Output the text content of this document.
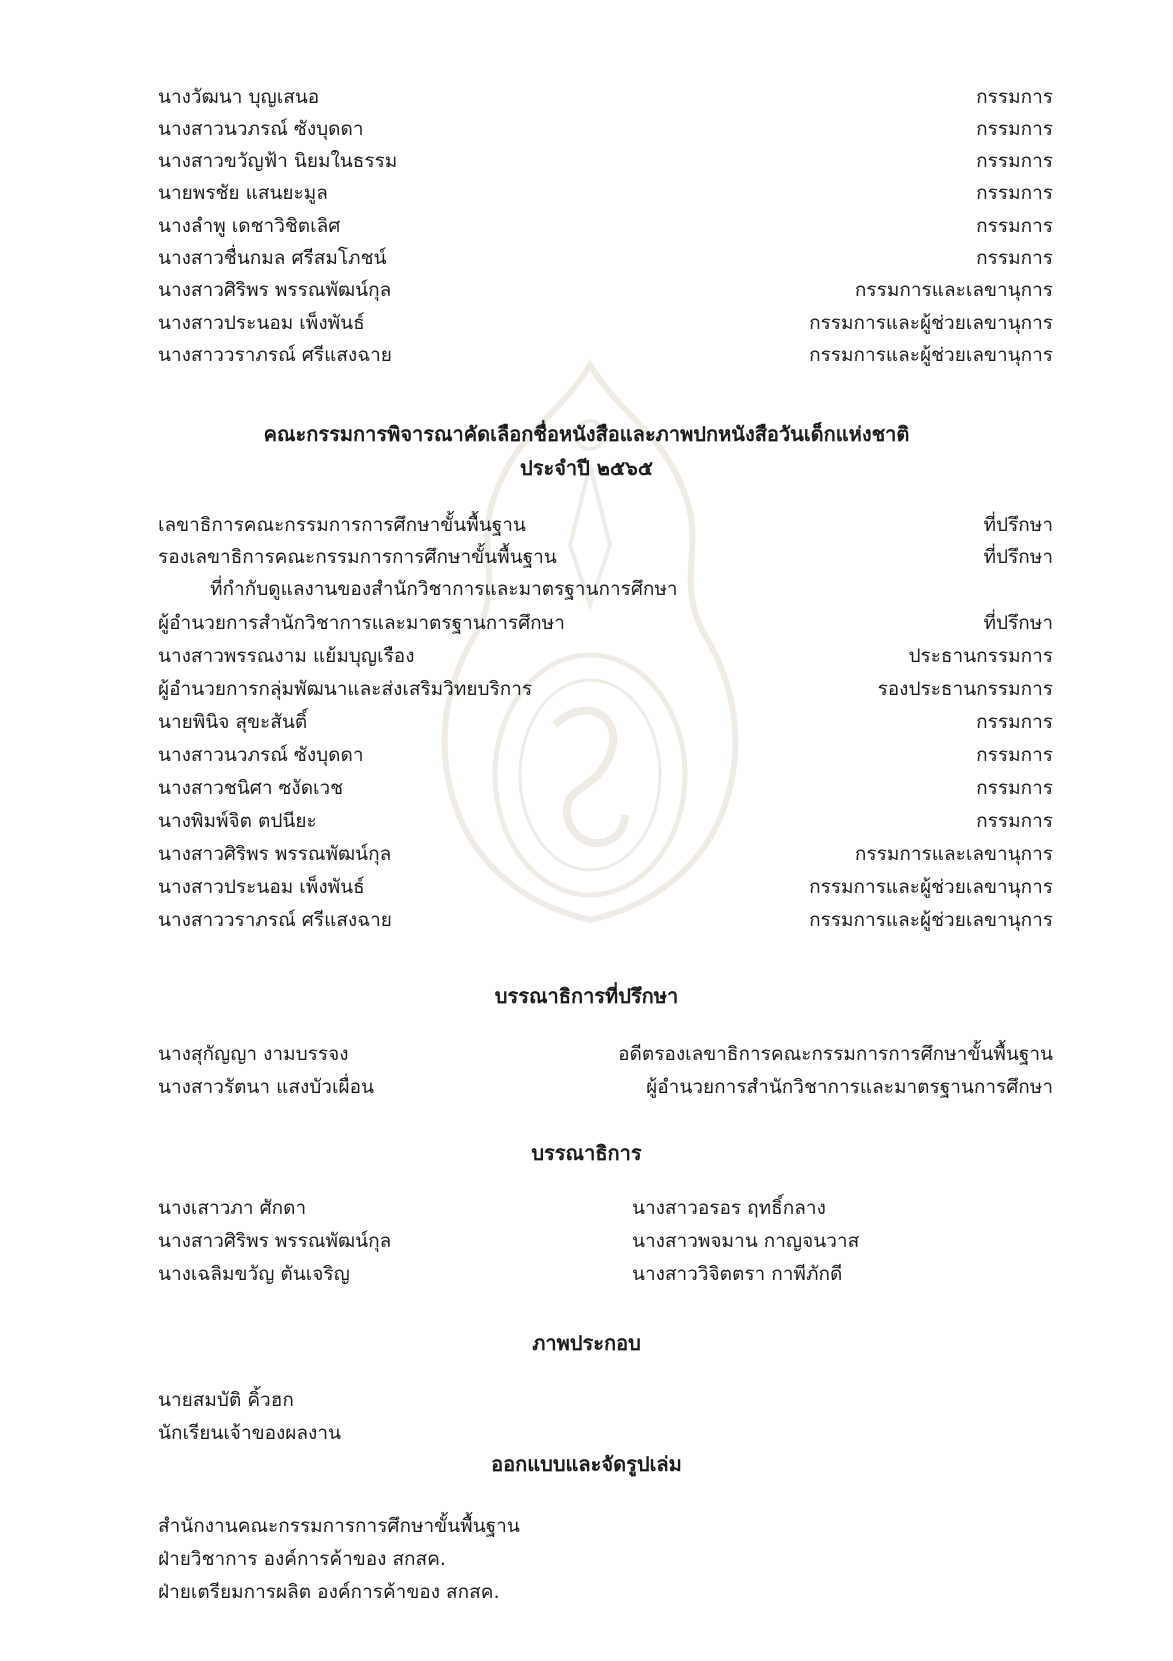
นางวัฒนา บุญเสนอ	กรรมการ
นางสาวนวภรณ์ ซังบุดดา	กรรมการ
นางสาวขวัญฟ้า นิยมในธรรม	กรรมการ
นายพรชัย แสนยะมูล	กรรมการ
นางลำพู เดชาวิชิตเลิศ	กรรมการ
นางสาวชื่นกมล ศรีสมโภชน์	กรรมการ
นางสาวศิริพร พรรณพัฒน์กุล	กรรมการและเลขานุการ
นางสาวประนอม เพ็งพันธ์	กรรมการและผู้ช่วยเลขานุการ
นางสาววราภรณ์ ศรีแสงฉาย	กรรมการและผู้ช่วยเลขานุการ
คณะกรรมการพิจารณาคัดเลือกชื่อหนังสือและภาพปกหนังสือวันเด็กแห่งชาติ
ประจำปี ๒๕๖๕
เลขาธิการคณะกรรมการการศึกษาขั้นพื้นฐาน	ที่ปรึกษา
รองเลขาธิการคณะกรรมการการศึกษาขั้นพื้นฐาน	ที่ปรึกษา
ที่กำกับดูแลงานของสำนักวิชาการและมาตรฐานการศึกษา
ผู้อำนวยการสำนักวิชาการและมาตรฐานการศึกษา	ที่ปรึกษา
นางสาวพรรณงาม แย้มบุญเรือง	ประธานกรรมการ
ผู้อำนวยการกลุ่มพัฒนาและส่งเสริมวิทยบริการ	รองประธานกรรมการ
นายพินิจ สุขะสันติ์	กรรมการ
นางสาวนวภรณ์ ซังบุดดา	กรรมการ
นางสาวชนิศา ซงัดเวช	กรรมการ
นางพิมพ์จิต ตปนียะ	กรรมการ
นางสาวศิริพร พรรณพัฒน์กุล	กรรมการและเลขานุการ
นางสาวประนอม เพ็งพันธ์	กรรมการและผู้ช่วยเลขานุการ
นางสาววราภรณ์ ศรีแสงฉาย	กรรมการและผู้ช่วยเลขานุการ
บรรณาธิการที่ปรึกษา
นางสุกัญญา งามบรรจง	อดีตรองเลขาธิการคณะกรรมการการศึกษาขั้นพื้นฐาน
นางสาวรัตนา แสงบัวเผื่อน	ผู้อำนวยการสำนักวิชาการและมาตรฐานการศึกษา
บรรณาธิการ
นางเสาวภา ศักดา	นางสาวอรอร ฤทธิ์กลาง
นางสาวศิริพร พรรณพัฒน์กุล	นางสาวพจมาน กาญจนวาส
นางเฉลิมขวัญ ตันเจริญ	นางสาววิจิตตรา กาพีภักดี
ภาพประกอบ
นายสมบัติ คิ้วฮก
นักเรียนเจ้าของผลงาน
ออกแบบและจัดรูปเล่ม
สำนักงานคณะกรรมการการศึกษาขั้นพื้นฐาน
ฝ่ายวิชาการ องค์การค้าของ สกสค.
ฝ่ายเตรียมการผลิต องค์การค้าของ สกสค.
